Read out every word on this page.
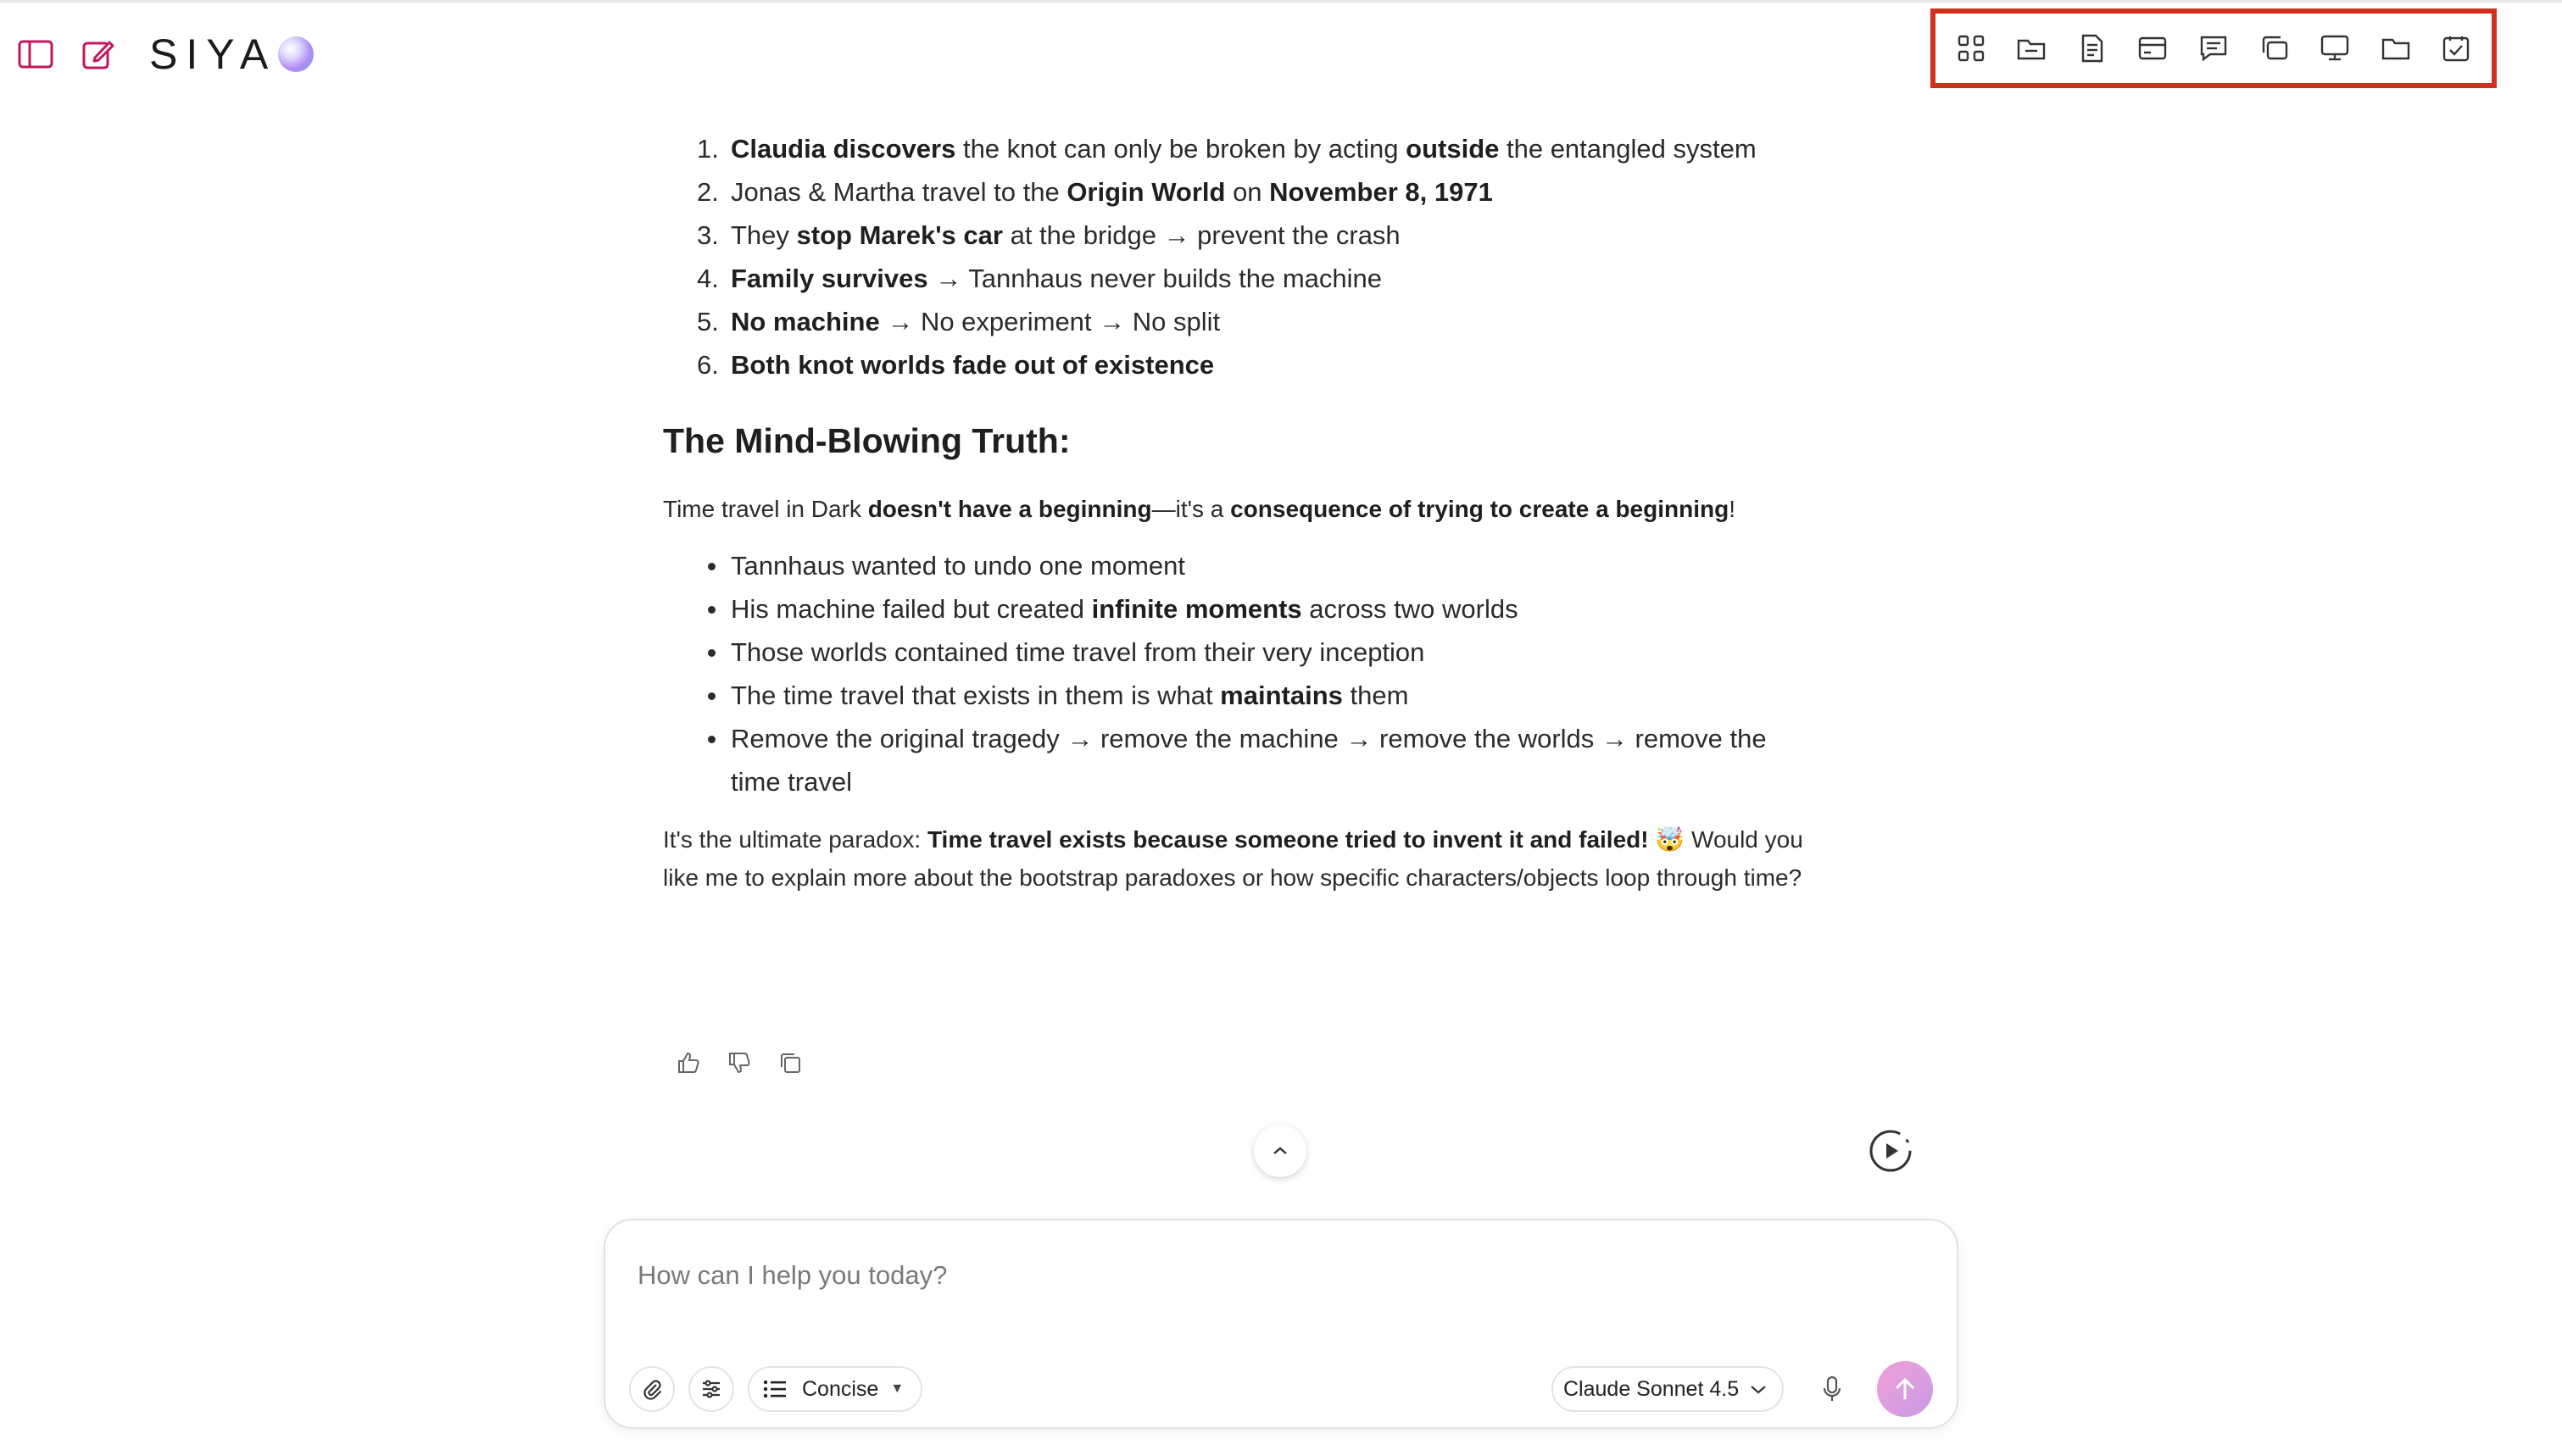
SIYA
1. Claudia discovers the knot can only be broken by acting outside the entangled system
2. Jonas & Martha travel to the Origin World on November 8, 1971
3. They stop Marek's car at the bridge → prevent the crash
4. Family survives → Tannhaus never builds the machine
5. No machine → No experiment → No split
6. Both knot worlds fade out of existence
The Mind-Blowing Truth:

Time travel in Dark doesn't have a beginning—it's a consequence of trying to create a beginning!

Tannhaus wanted to undo one moment
His machine failed but created infinite moments across two worlds
Those worlds contained time travel from their very inception
The time travel that exists in them is what maintains them
Remove the original tragedy → remove the machine → remove the worlds → remove the time travel

It's the ultimate paradox: Time travel exists because someone tried to invent it and failed! 🤯 Would you like me to explain more about the bootstrap paradoxes or how specific characters/objects loop through time?

How can I help you today?
Concise ▼	Claude Sonnet 4.5
